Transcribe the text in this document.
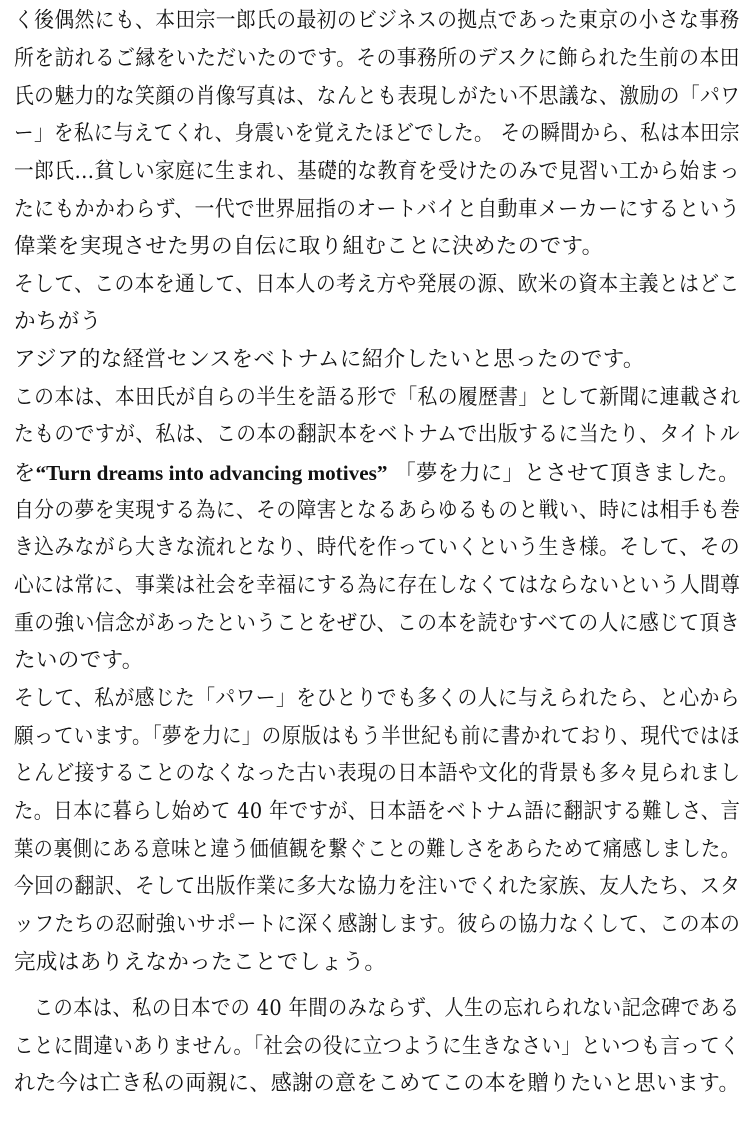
く後偶然にも、本田宗一郎氏の最初のビジネスの拠点であった東京の小さな事務
所を訪れるご縁をいただいたのです。その事務所のデスクに飾られた生前の本田
氏の魅力的な笑顔の肖像写真は、なんとも表現しがたい不思議な、激励の「パワ
ー」を私に与えてくれ、身震いを覚えたほどでした。 その瞬間から、私は本田宗
一郎氏…貧しい家庭に生まれ、基礎的な教育を受けたのみで見習い工から始まっ
たにもかかわらず、一代で世界屈指のオートバイと自動車メーカーにするという
偉業を実現させた男の自伝に取り組むことに決めたのです。
そして、この本を通して、日本人の考え方や発展の源、欧米の資本主義とはどこ
かちがう
アジア的な経営センスをベトナムに紹介したいと思ったのです。
この本は、本田氏が自らの半生を語る形で「私の履歴書」として新聞に連載され
たものですが、私は、この本の翻訳本をベトナムで出版するに当たり、タイトル
を“Turn dreams into advancing motives” 「夢を力に」とさせて頂きました。
自分の夢を実現する為に、その障害となるあらゆるものと戦い、時には相手も巻
き込みながら大きな流れとなり、時代を作っていくという生き様。そして、その
心には常に、事業は社会を幸福にする為に存在しなくてはならないという人間尊
重の強い信念があったということをぜひ、この本を読むすべての人に感じて頂き
たいのです。
そして、私が感じた「パワー」をひとりでも多くの人に与えられたら、と心から
願っています。「夢を力に」の原版はもう半世紀も前に書かれており、現代ではほ
とんど接することのなくなった古い表現の日本語や文化的背景も多々見られまし
た。日本に暮らし始めて 40 年ですが、日本語をベトナム語に翻訳する難しさ、言
葉の裏側にある意味と違う価値観を繋ぐことの難しさをあらためて痛感しました。
今回の翻訳、そして出版作業に多大な協力を注いでくれた家族、友人たち、スタ
ッフたちの忍耐強いサポートに深く感謝します。彼らの協力なくして、この本の
完成はありえなかったことでしょう。
この本は、私の日本での 40 年間のみならず、人生の忘れられない記念碑である
ことに間違いありません。「社会の役に立つように生きなさい」といつも言ってく
れた今は亡き私の両親に、感謝の意をこめてこの本を贈りたいと思います。
